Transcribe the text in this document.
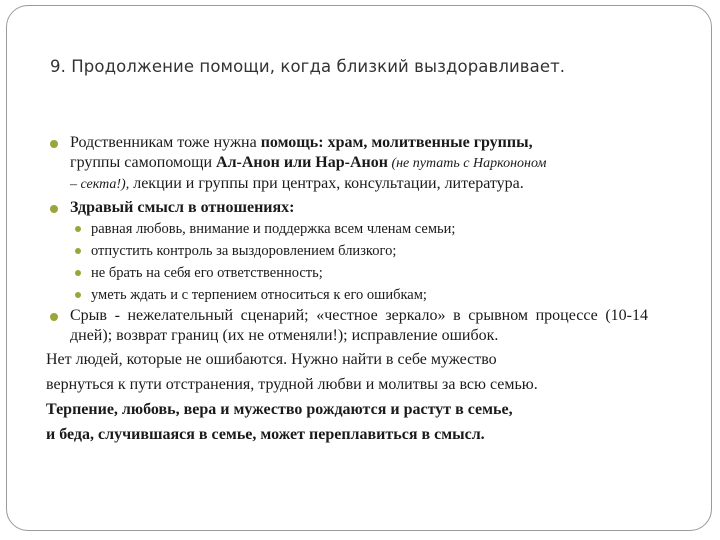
9. Продолжение помощи, когда близкий выздоравливает.
Родственникам тоже нужна помощь: храм, молитвенные группы,
группы самопомощи Ал-Анон или Нар-Анон (не путать с Наркононом
– секта!), лекции и группы при центрах, консультации, литература.
Здравый смысл в отношениях:
равная любовь, внимание и поддержка всем членам семьи;
отпустить контроль за выздоровлением близкого;
не брать на себя его ответственность;
уметь ждать и с терпением относиться к его ошибкам;
Срыв - нежелательный сценарий; «честное зеркало» в срывном процессе (10-14 дней); возврат границ (их не отменяли!); исправление ошибок.
Нет людей, которые не ошибаются. Нужно найти в себе мужество
вернуться к пути отстранения, трудной любви и молитвы за всю семью.
Терпение, любовь, вера и мужество рождаются и растут в семье,
и беда, случившаяся в семье, может переплавиться в смысл.
